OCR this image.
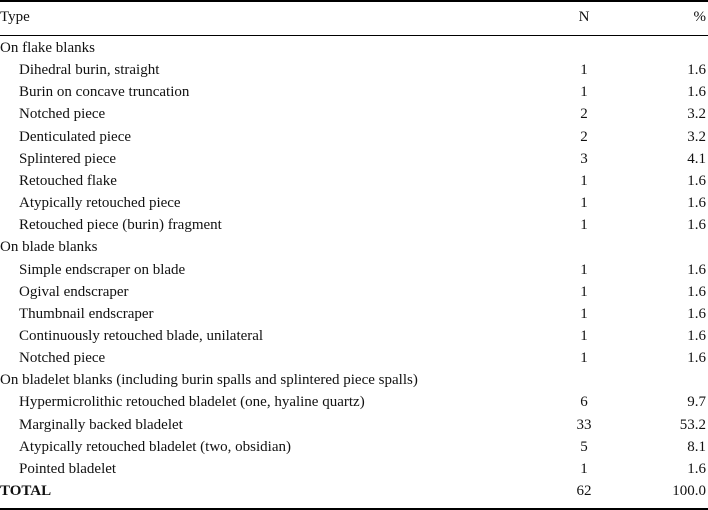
Type	N	%
On flake blanks
Dihedral burin, straight	1	1.6
Burin on concave truncation	1	1.6
Notched piece	2	3.2
Denticulated piece	2	3.2
Splintered piece	3	4.1
Retouched flake	1	1.6
Atypically retouched piece	1	1.6
Retouched piece (burin) fragment	1	1.6
On blade blanks
Simple endscraper on blade	1	1.6
Ogival endscraper	1	1.6
Thumbnail endscraper	1	1.6
Continuously retouched blade, unilateral	1	1.6
Notched piece	1	1.6
On bladelet blanks (including burin spalls and splintered piece spalls)
Hypermicrolithic retouched bladelet (one, hyaline quartz)	6	9.7
Marginally backed bladelet	33	53.2
Atypically retouched bladelet (two, obsidian)	5	8.1
Pointed bladelet	1	1.6
TOTAL	62	100.0
